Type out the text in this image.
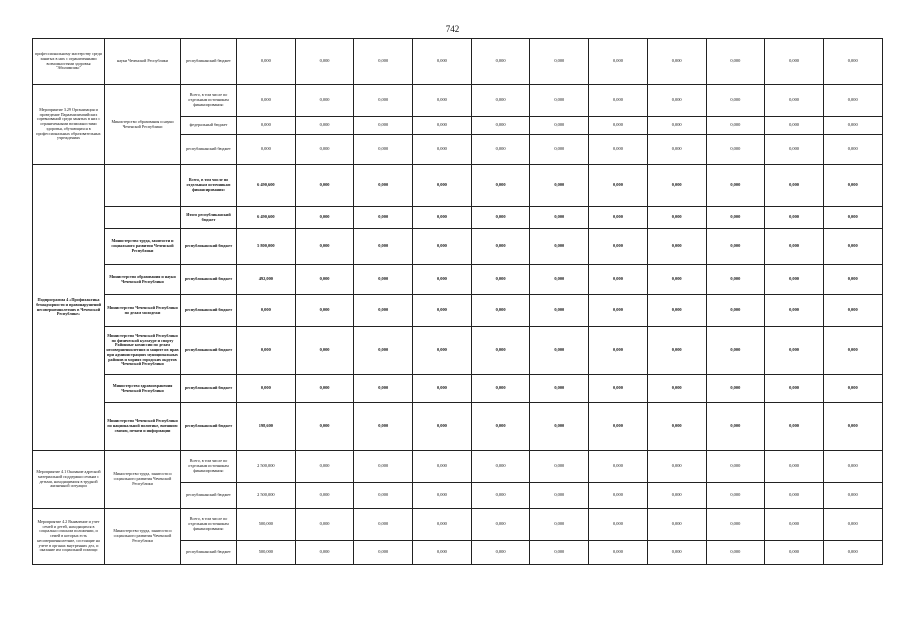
742
профессиональному мастерству среди занятых в них с ограниченными возможностями здоровья "Абилимпикс"	науки Чеченской Республики	республиканский бюджет	0,000	0,000	0,000	0,000	0,000	0,000	0,000	0,000	0,000	0,000	0,000
Мероприятие 3.29 Организация и проведение Параамилимпийских соревнований среди занятых в них с ограниченными возможностями здоровья, обучающихся в профессиональных образовательных учреждениях	Министерство образования и науки Чеченской Республики	Всего, в том числе по отдельным источникам финансирования:	0,000	0,000	0,000	0,000	0,000	0,000	0,000	0,000	0,000	0,000	0,000
		федеральный бюджет	0,000	0,000	0,000	0,000	0,000	0,000	0,000	0,000	0,000	0,000	0,000
		республиканский бюджет	0,000	0,000	0,000	0,000	0,000	0,000	0,000	0,000	0,000	0,000	0,000
Подпрограмма 4 «Профилактика безнадзорности и правонарушений несовершеннолетних в Чеченской Республике»		Всего, в том числе по отдельным источникам финансирования:	6 490,600	0,000	0,000	0,000	0,000	0,000	0,000	0,000	0,000	0,000	0,000
		Итого республиканский бюджет	6 490,600	0,000	0,000	0,000	0,000	0,000	0,000	0,000	0,000	0,000	0,000
	Министерство труда, занятости и социального развития Чеченской Республики	республиканский бюджет	5 800,000	0,000	0,000	0,000	0,000	0,000	0,000	0,000	0,000	0,000	0,000
	Министерство образования и науки Чеченской Республики	республиканский бюджет	492,000	0,000	0,000	0,000	0,000	0,000	0,000	0,000	0,000	0,000	0,000
	Министерство Чеченской Республики по делам молодежи	республиканский бюджет	0,000	0,000	0,000	0,000	0,000	0,000	0,000	0,000	0,000	0,000	0,000
	Министерство Чеченской Республики по физической культуре и спорту Районные комиссии по делам несовершеннолетних и защите их прав при администрациях муниципальных районов и мэриях городских округов Чеченской Республики	республиканский бюджет	0,000	0,000	0,000	0,000	0,000	0,000	0,000	0,000	0,000	0,000	0,000
	Министерство здравоохранения Чеченской Республики	республиканский бюджет	0,000	0,000	0,000	0,000	0,000	0,000	0,000	0,000	0,000	0,000	0,000
	Министерство Чеченской Республики по национальной политике, внешним связям, печати и информации	республиканский бюджет	198,600	0,000	0,000	0,000	0,000	0,000	0,000	0,000	0,000	0,000	0,000
Мероприятие 4.1 Оказание адресной материальной поддержки семьям с детьми, находящимися в трудной жизненной ситуации	Министерство труда, занятости и социального развития Чеченской Республики	Всего, в том числе по отдельным источникам финансирования:	2 500,000	0,000	0,000	0,000	0,000	0,000	0,000	0,000	0,000	0,000	0,000
		республиканский бюджет	2 500,000	0,000	0,000	0,000	0,000	0,000	0,000	0,000	0,000	0,000	0,000
Мероприятие 4.2 Выявление и учет семей и детей, находящихся в социально опасном положении, и семей в которых есть несовершеннолетние, состоящие на учете в органах внутренних дел, и оказание им социальной помощи	Министерство труда, занятости и социального развития Чеченской Республики	Всего, в том числе по отдельным источникам финансирования:	500,000	0,000	0,000	0,000	0,000	0,000	0,000	0,000	0,000	0,000	0,000
		республиканский бюджет	500,000	0,000	0,000	0,000	0,000	0,000	0,000	0,000	0,000	0,000	0,000
